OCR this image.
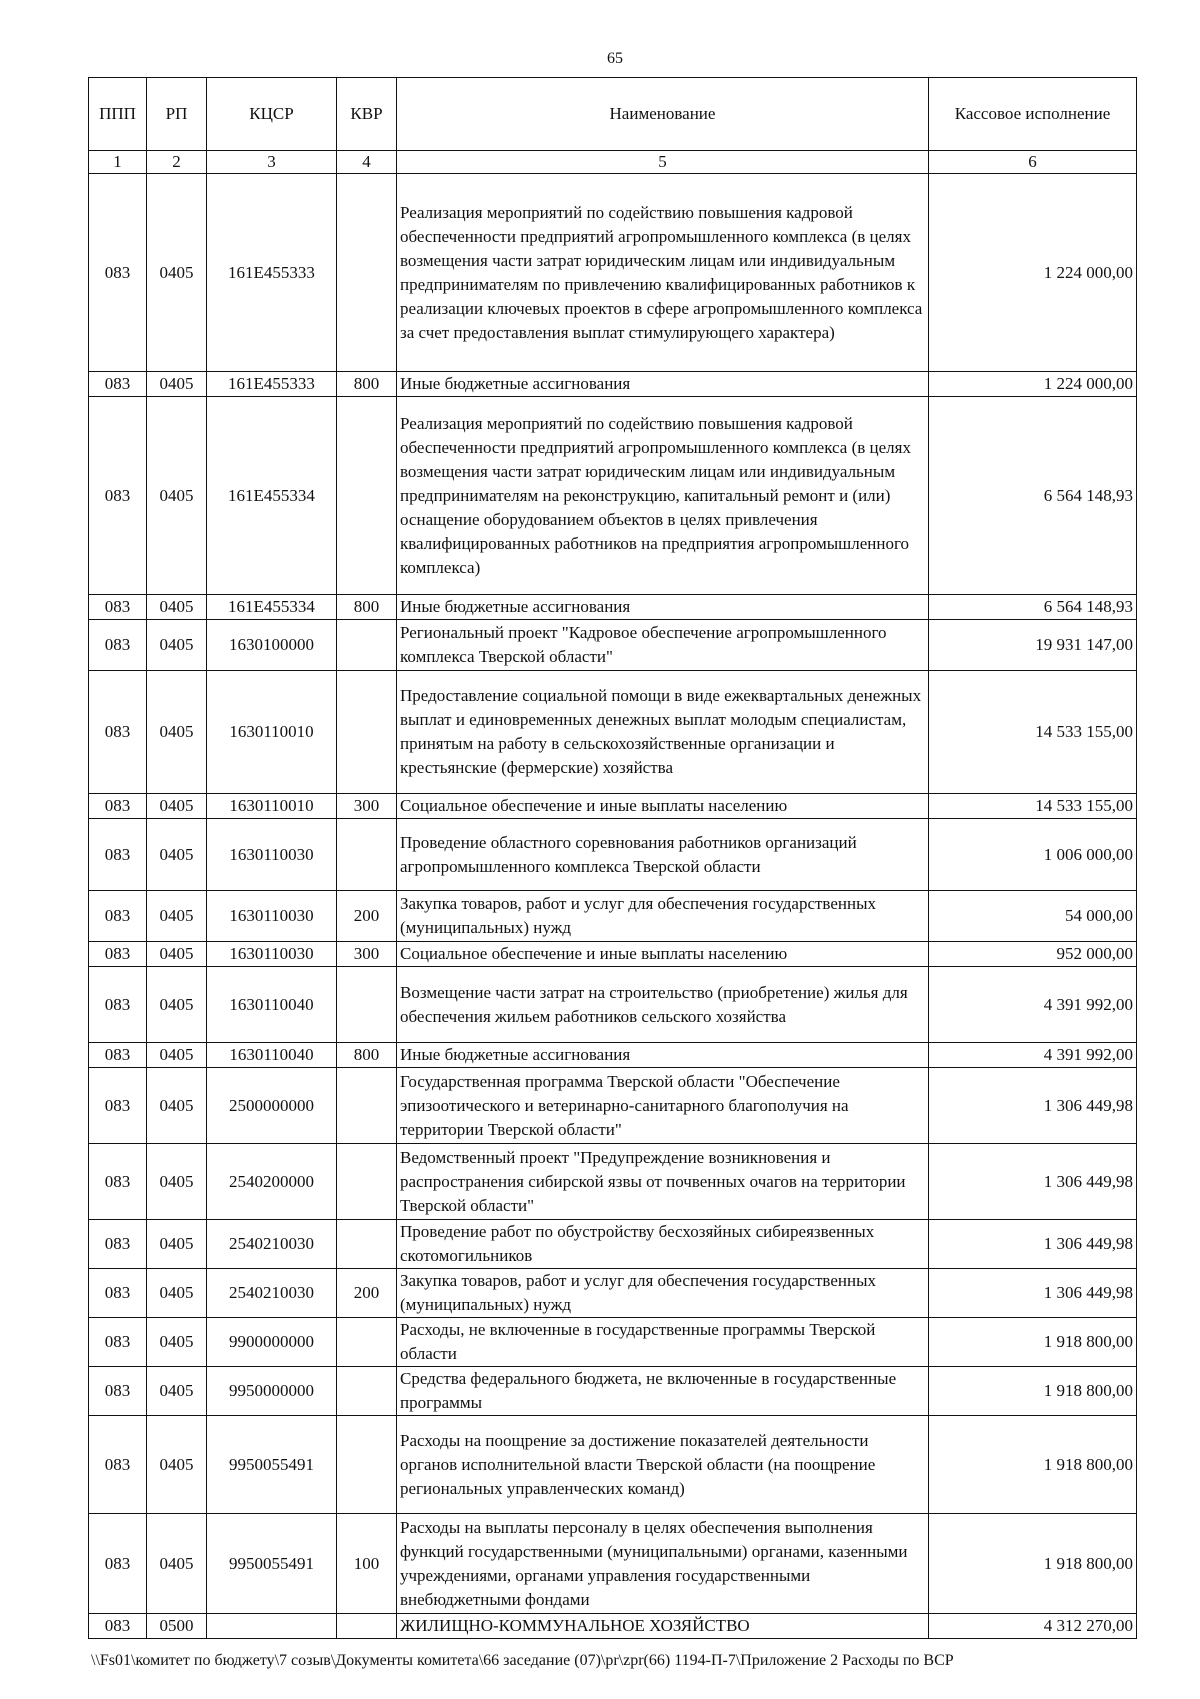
65
ППП	РП	КЦСР	КВР	Наименование	Кассовое исполнение
1	2	3	4	5	6
083	0405	161E455333		Реализация мероприятий по содействию повышения кадровой обеспеченности предприятий агропромышленного комплекса (в целях возмещения части затрат юридическим лицам или индивидуальным предпринимателям по привлечению квалифицированных работников к реализации ключевых проектов в сфере агропромышленного комплекса за счет предоставления выплат стимулирующего характера)	1 224 000,00
083	0405	161E455333	800	Иные бюджетные ассигнования	1 224 000,00
083	0405	161E455334		Реализация мероприятий по содействию повышения кадровой обеспеченности предприятий агропромышленного комплекса (в целях возмещения части затрат юридическим лицам или индивидуальным предпринимателям на реконструкцию, капитальный ремонт и (или) оснащение оборудованием объектов в целях привлечения квалифицированных работников на предприятия агропромышленного комплекса)	6 564 148,93
083	0405	161E455334	800	Иные бюджетные ассигнования	6 564 148,93
083	0405	1630100000		Региональный проект "Кадровое обеспечение агропромышленного комплекса Тверской области"	19 931 147,00
083	0405	1630110010		Предоставление социальной помощи в виде ежеквартальных денежных выплат и единовременных денежных выплат молодым специалистам, принятым на работу в сельскохозяйственные организации и крестьянские (фермерские) хозяйства	14 533 155,00
083	0405	1630110010	300	Социальное обеспечение и иные выплаты населению	14 533 155,00
083	0405	1630110030		Проведение областного соревнования работников организаций агропромышленного комплекса Тверской области	1 006 000,00
083	0405	1630110030	200	Закупка товаров, работ и услуг для обеспечения государственных (муниципальных) нужд	54 000,00
083	0405	1630110030	300	Социальное обеспечение и иные выплаты населению	952 000,00
083	0405	1630110040		Возмещение части затрат на строительство (приобретение) жилья для обеспечения жильем работников сельского хозяйства	4 391 992,00
083	0405	1630110040	800	Иные бюджетные ассигнования	4 391 992,00
083	0405	2500000000		Государственная программа Тверской области "Обеспечение эпизоотического и ветеринарно-санитарного благополучия на территории Тверской области"	1 306 449,98
083	0405	2540200000		Ведомственный проект "Предупреждение возникновения и распространения сибирской язвы от почвенных очагов на территории Тверской области"	1 306 449,98
083	0405	2540210030		Проведение работ по обустройству бесхозяйных сибиреязвенных скотомогильников	1 306 449,98
083	0405	2540210030	200	Закупка товаров, работ и услуг для обеспечения государственных (муниципальных) нужд	1 306 449,98
083	0405	9900000000		Расходы, не включенные в государственные программы Тверской области	1 918 800,00
083	0405	9950000000		Средства федерального бюджета, не включенные в государственные программы	1 918 800,00
083	0405	9950055491		Расходы на поощрение за достижение показателей деятельности органов исполнительной власти Тверской области (на поощрение региональных управленческих команд)	1 918 800,00
083	0405	9950055491	100	Расходы на выплаты персоналу в целях обеспечения выполнения функций государственными (муниципальными) органами, казенными учреждениями, органами управления государственными внебюджетными фондами	1 918 800,00
083	0500			ЖИЛИЩНО-КОММУНАЛЬНОЕ ХОЗЯЙСТВО	4 312 270,00
\\Fs01\комитет по бюджету\7 созыв\Документы комитета\66 заседание (07)\pr\zpr(66) 1194-П-7\Приложение 2 Расходы по ВСР
